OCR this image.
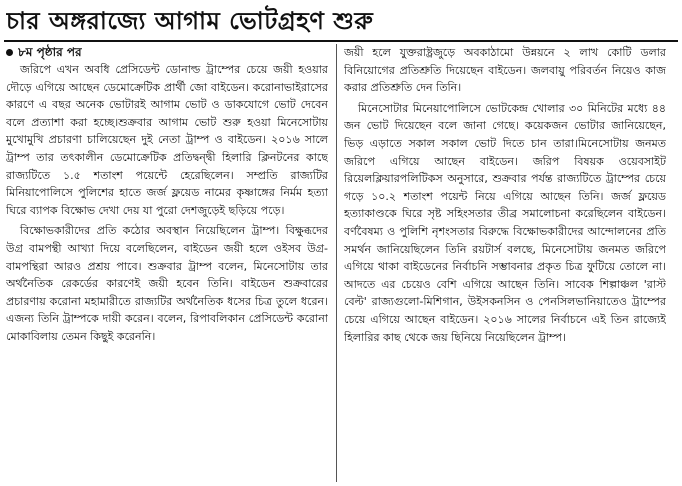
চার অঙ্গরাজ্যে আগাম ভোটগ্রহণ শুরু
৮ম পৃষ্ঠার পর

জরিপে এখন অবধি প্রেসিডেন্ট ডোনাল্ড ট্রাম্পের চেয়ে জয়ী হওয়ার দৌড়ে এগিয়ে আছেন ডেমোক্রেটিক প্রার্থী জো বাইডেন। করোনাভাইরাসের কারণে এ বছর অনেক ভোটারই আগাম ভোট ও ডাকযোগে ভোট দেবেন বলে প্রত্যাশা করা হচ্ছে।শুক্রবার আগাম ভোট শুরু হওয়া মিনেসোটায় মুখোমুখি প্রচারণা চালিয়েছেন দুই নেতা ট্রাম্প ও বাইডেন। ২০১৬ সালে ট্রাম্প তার তৎকালীন ডেমোক্রেটিক প্রতিদ্বন্দ্বী হিলারি ক্লিনটনের কাছে রাজ্যটিতে ১.৫ শতাংশ পয়েন্টে হেরেছিলেন। সম্প্রতি রাজ্যটির মিনিয়াপোলিসে পুলিশের হাতে জর্জ ফ্লয়েড নামের কৃষ্ণাঙ্গের নির্মম হত্যা ঘিরে ব্যাপক বিক্ষোভ দেখা দেয় যা পুরো দেশজুড়েই ছড়িয়ে পড়ে।

বিক্ষোভকারীদের প্রতি কঠোর অবস্থান নিয়েছিলেন ট্রাম্প। বিক্ষুব্ধদের উগ্র বামপন্থী আখ্যা দিয়ে বলেছিলেন, বাইডেন জয়ী হলে ওইসব উগ্র-বামপন্থিরা আরও প্রশ্রয় পাবে। শুক্রবার ট্রাম্প বলেন, মিনেসোটায় তার অর্থনৈতিক রেকর্ডের কারণেই জয়ী হবেন তিনি। বাইডেন শুক্রবারের প্রচারণায় করোনা মহামারীতে রাজ্যটির অর্থনৈতিক ধসের চিত্র তুলে ধরেন। এজন্য তিনি ট্রাম্পকে দায়ী করেন। বলেন, রিপাবলিকান প্রেসিডেন্ট করোনা মোকাবিলায় তেমন কিছুই করেননি।

জয়ী হলে যুক্তরাষ্ট্রজুড়ে অবকাঠামো উন্নয়নে ২ লাখ কোটি ডলার বিনিয়োগের প্রতিশ্রুতি দিয়েছেন বাইডেন। জলবায়ু পরিবর্তন নিয়েও কাজ করার প্রতিশ্রুতি দেন তিনি।

মিনেসোটার মিনেয়াপোলিসে ভোটকেন্দ্র খোলার ৩০ মিনিটের মধ্যে ৪৪ জন ভোট দিয়েছেন বলে জানা গেছে। কয়েকজন ভোটার জানিয়েছেন, ভিড় এড়াতে সকাল সকাল ভোট দিতে চান তারা।মিনেসোটায় জনমত জরিপে এগিয়ে আছেন বাইডেন। জরিপ বিষয়ক ওয়েবসাইট রিয়েলক্লিয়ারপলিটিকস অনুসারে, শুক্রবার পর্যন্ত রাজ্যটিতে ট্রাম্পের চেয়ে গড়ে ১০.২ শতাংশ পয়েন্ট নিয়ে এগিয়ে আছেন তিনি। জর্জ ফ্লয়েড হত্যাকাণ্ডকে ঘিরে সৃষ্ট সহিংসতার তীব্র সমালোচনা করেছিলেন বাইডেন। বর্ণবৈষম্য ও পুলিশি নৃশংসতার বিরুদ্ধে বিক্ষোভকারীদের আন্দোলনের প্রতি সমর্থন জানিয়েছিলেন তিনি রয়টার্স বলছে, মিনেসোটায় জনমত জরিপে এগিয়ে থাকা বাইডেনের নির্বাচনি সম্ভাবনার প্রকৃত চিত্র ফুটিয়ে তোলে না। আদতে এর চেয়েও বেশি এগিয়ে আছেন তিনি। সাবেক শিল্পাঞ্চল 'রাস্ট বেল্ট' রাজ্যগুলো-মিশিগান, উইসকনসিন ও পেনসিলভানিয়াতেও ট্রাম্পের চেয়ে এগিয়ে আছেন বাইডেন। ২০১৬ সালের নির্বাচনে এই তিন রাজ্যেই হিলারির কাছ থেকে জয় ছিনিয়ে নিয়েছিলেন ট্রাম্প।
